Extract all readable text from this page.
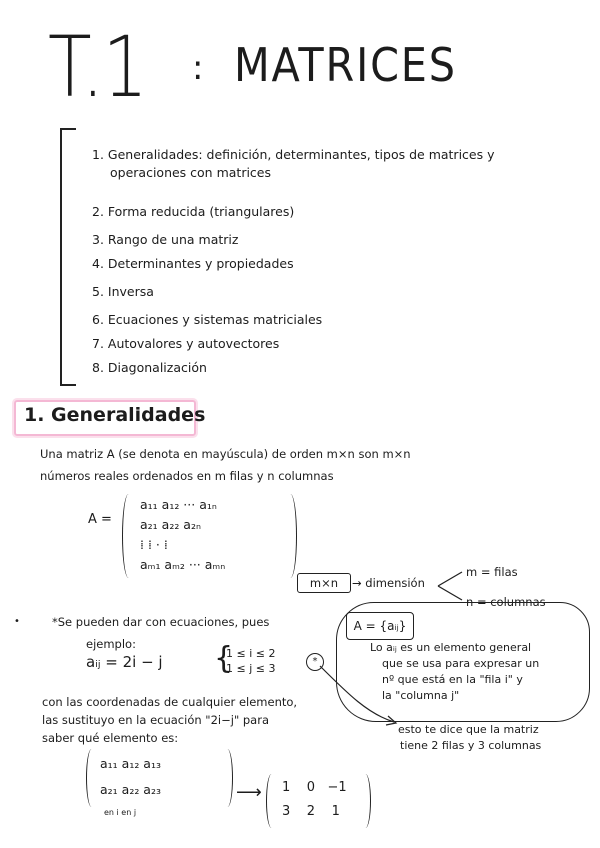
T.1 : MATRICES
1. Generalidades: definición, determinantes, tipos de matrices y
operaciones con matrices
2. Forma reducida (triangulares)
3. Rango de una matriz
4. Determinantes y propiedades
5. Inversa
6. Ecuaciones y sistemas matriciales
7. Autovalores y autovectores
8. Diagonalización
1. Generalidades
Una matriz A (se denota en mayúscula) de orden m×n son m×n
números reales ordenados en m filas y n columnas
A =
a₁₁ a₁₂ ··· a₁ₙ
a₂₁ a₂₂ a₂ₙ
⁞ ⁞ · ⁞
aₘ₁ aₘ₂ ··· aₘₙ
m×n	→ dimensión
m = filas
n = columnas
•	*Se pueden dar con ecuaciones, pues
ejemplo:
A = {aᵢⱼ}
Lo aᵢⱼ es un elemento general
que se usa para expresar un
nº que está en la "fila i" y
la "columna j"
aᵢⱼ = 2i − j {
1 ≤ i ≤ 2
1 ≤ j ≤ 3
*
esto te dice que la matriz
tiene 2 filas y 3 columnas
con las coordenadas de cualquier elemento,
las sustituyo en la ecuación "2i−j" para
saber qué elemento es:
a₁₁ a₁₂ a₁₃
a₂₁ a₂₂ a₂₃
en i en j
⟶ 1    0   −1
3    2    1
